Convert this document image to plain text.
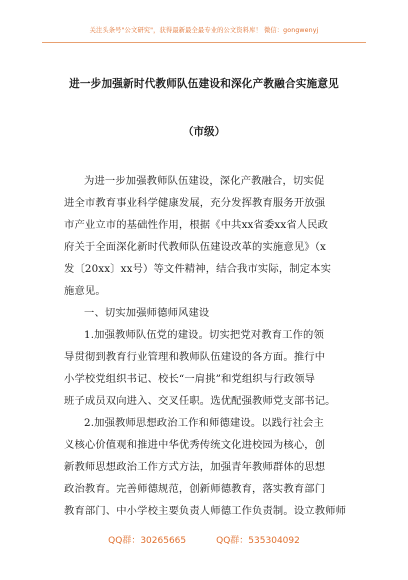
关注头条号"公文研究"，获得最新最全最专业的公文资料库！ 微信：gongwenyj
进一步加强新时代教师队伍建设和深化产教融合实施意见
（市级）
为进一步加强教师队伍建设，深化产教融合，切实促
进全市教育事业科学健康发展，充分发挥教育服务开放强
市产业立市的基础性作用，根据《中共xx省委xx省人民政
府关于全面深化新时代教师队伍建设改革的实施意见》（x
发〔20xx〕xx号）等文件精神，结合我市实际，制定本实
施意见。
一、切实加强师德师风建设
1.加强教师队伍党的建设。切实把党对教育工作的领
导贯彻到教育行业管理和教师队伍建设的各方面。推行中
小学校党组织书记、校长“一肩挑”和党组织与行政领导
班子成员双向进入、交叉任职。选优配强教师党支部书记。
2.加强教师思想政治工作和师德建设。以践行社会主
义核心价值观和推进中华优秀传统文化进校园为核心，创
新教师思想政治工作方式方法，加强青年教师群体的思想
政治教育。完善师德规范，创新师德教育，落实教育部门
教育部门、中小学校主要负责人师德工作负责制。设立教师师
QQ群：30265665	QQ群：535304092
